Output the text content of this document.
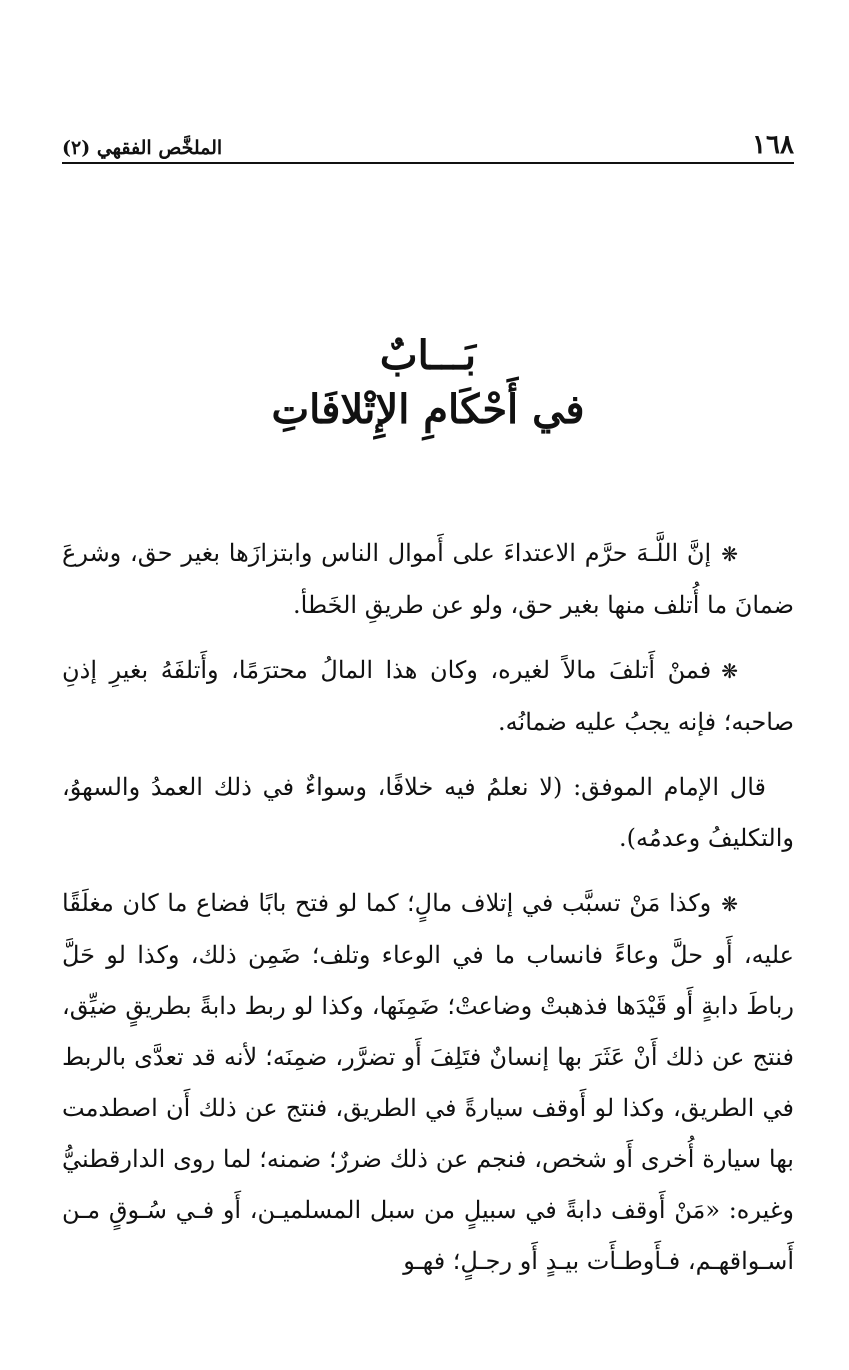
١٦٨
الملخَّص الفقهي (٢)
بَـــابٌ
في أَحْكَامِ الإِتْلافَاتِ

❋إنَّ اللَّـهَ حرَّم الاعتداءَ على أَموال الناس وابتزازَها بغير حق، وشرعَ ضمانَ ما أُتلف منها بغير حق، ولو عن طريقِ الخَطأ.

❋فمنْ أَتلفَ مالاً لغيره، وكان هذا المالُ محترَمًا، وأَتلفَهُ بغيرِ إذنِ صاحبه؛ فإنه يجبُ عليه ضمانُه.

قال الإمام الموفق: (لا نعلمُ فيه خلافًا، وسواءٌ في ذلك العمدُ والسهوُ، والتكليفُ وعدمُه).

❋وكذا مَنْ تسبَّب في إتلاف مالٍ؛ كما لو فتح بابًا فضاع ما كان مغلَقًا عليه، أَو حلَّ وعاءً فانساب ما في الوعاء وتلف؛ ضَمِن ذلك، وكذا لو حَلَّ رباطَ دابةٍ أَو قَيْدَها فذهبتْ وضاعتْ؛ ضَمِنَها، وكذا لو ربط دابةً بطريقٍ ضيِّق، فنتج عن ذلك أَنْ عَثَرَ بها إنسانٌ فتَلِفَ أَو تضرَّر، ضمِنَه؛ لأنه قد تعدَّى بالربط في الطريق، وكذا لو أَوقف سيارةً في الطريق، فنتج عن ذلك أَن اصطدمت بها سيارة أُخرى أَو شخص، فنجم عن ذلك ضررٌ؛ ضمنه؛ لما روى الدارقطنيُّ وغيره: «مَنْ أَوقف دابةً في سبيلٍ من سبل المسلميـن، أَو فـي سُـوقٍ مـن أَسـواقهـم، فـأَوطـأَت بيـدٍ أَو رجـلٍ؛ فهـو
